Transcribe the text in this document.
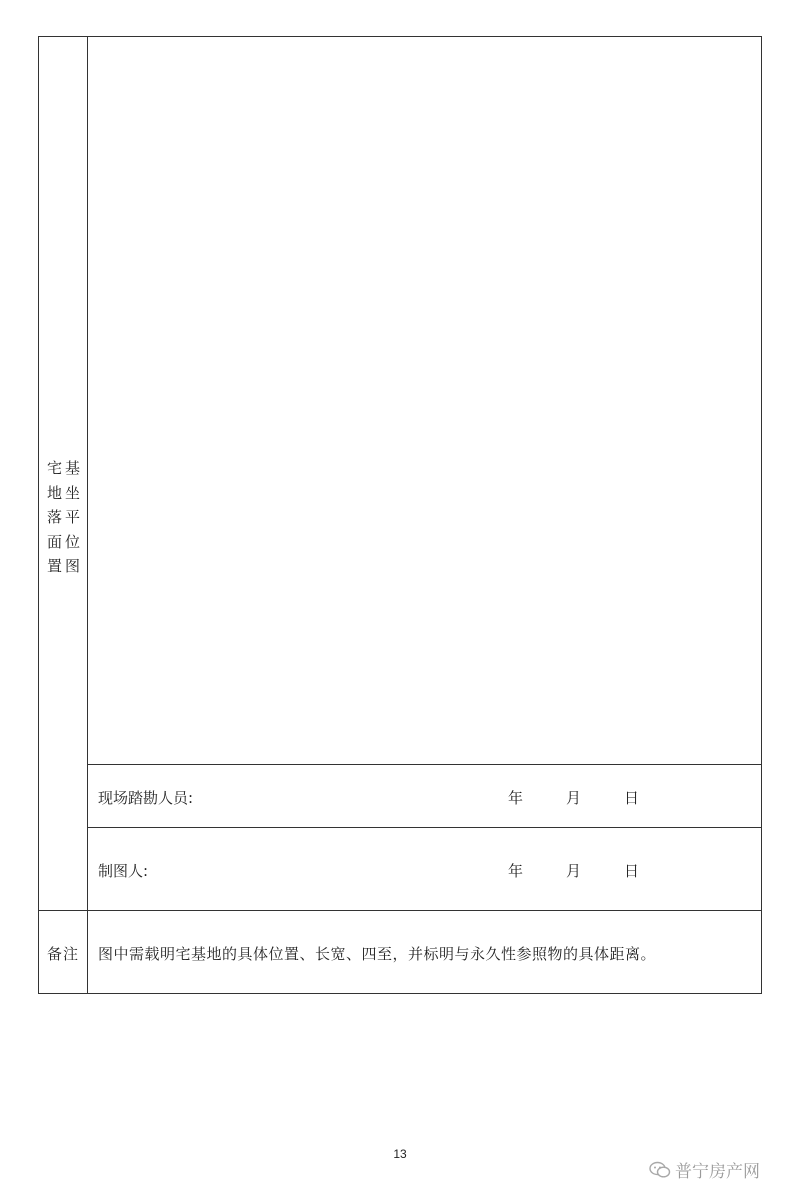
宅 基
地 坐
落 平
面 位
置 图
现场踏勘人员:	年	月	日
制图人:	年	月	日
备注 图中需载明宅基地的具体位置、长宽、四至，并标明与永久性参照物的具体距离。
13
普宁房产网
